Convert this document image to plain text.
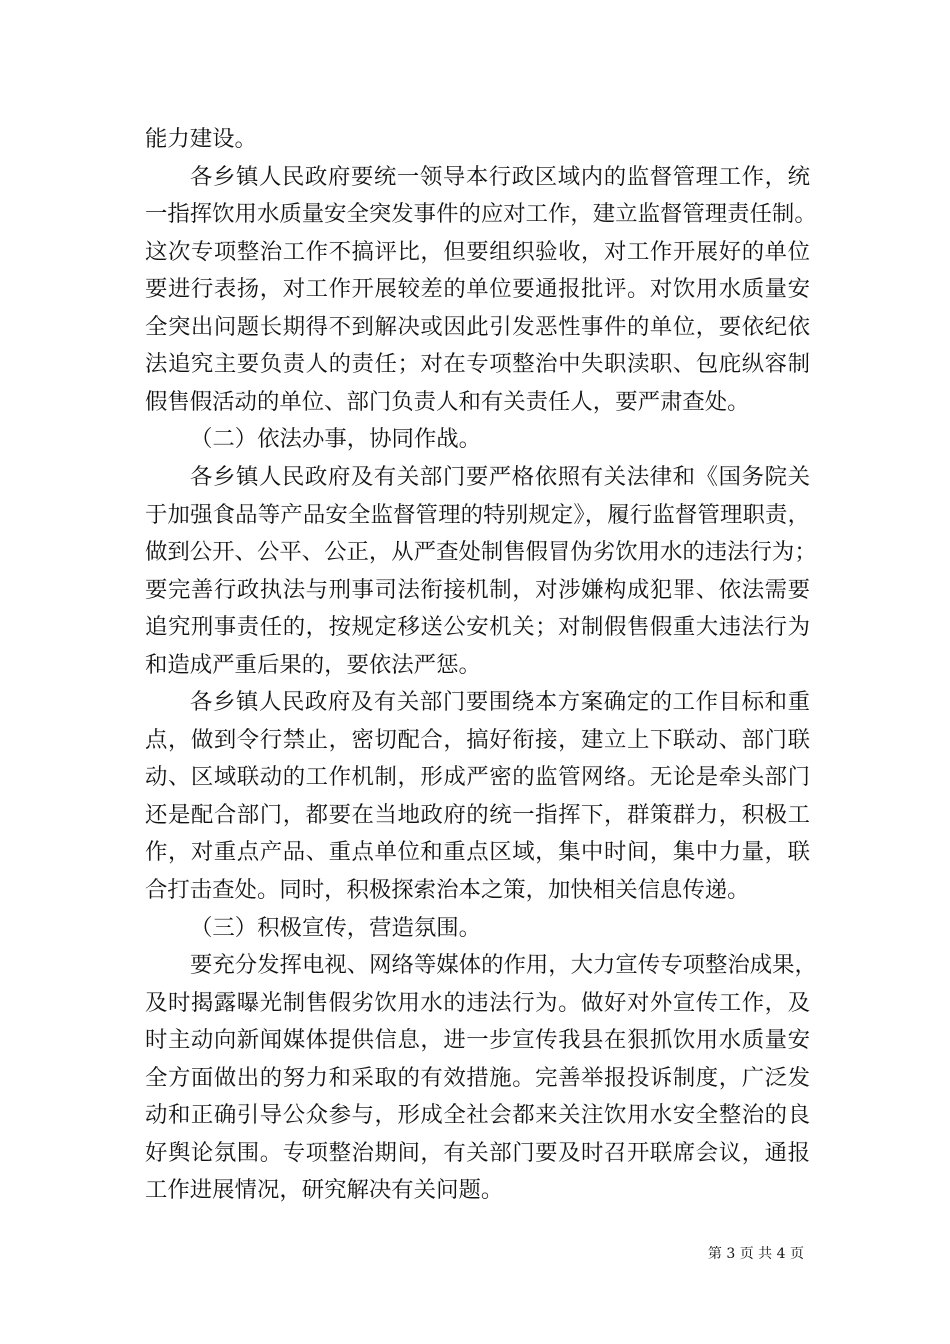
能力建设。
各乡镇人民政府要统一领导本行政区域内的监督管理工作，统
一指挥饮用水质量安全突发事件的应对工作，建立监督管理责任制。
这次专项整治工作不搞评比，但要组织验收，对工作开展好的单位
要进行表扬，对工作开展较差的单位要通报批评。对饮用水质量安
全突出问题长期得不到解决或因此引发恶性事件的单位，要依纪依
法追究主要负责人的责任；对在专项整治中失职渎职、包庇纵容制
假售假活动的单位、部门负责人和有关责任人，要严肃查处。
（二）依法办事，协同作战。
各乡镇人民政府及有关部门要严格依照有关法律和《国务院关
于加强食品等产品安全监督管理的特别规定》，履行监督管理职责，
做到公开、公平、公正，从严查处制售假冒伪劣饮用水的违法行为；
要完善行政执法与刑事司法衔接机制，对涉嫌构成犯罪、依法需要
追究刑事责任的，按规定移送公安机关；对制假售假重大违法行为
和造成严重后果的，要依法严惩。
各乡镇人民政府及有关部门要围绕本方案确定的工作目标和重
点，做到令行禁止，密切配合，搞好衔接，建立上下联动、部门联
动、区域联动的工作机制，形成严密的监管网络。无论是牵头部门
还是配合部门，都要在当地政府的统一指挥下，群策群力，积极工
作，对重点产品、重点单位和重点区域，集中时间，集中力量，联
合打击查处。同时，积极探索治本之策，加快相关信息传递。
（三）积极宣传，营造氛围。
要充分发挥电视、网络等媒体的作用，大力宣传专项整治成果，
及时揭露曝光制售假劣饮用水的违法行为。做好对外宣传工作，及
时主动向新闻媒体提供信息，进一步宣传我县在狠抓饮用水质量安
全方面做出的努力和采取的有效措施。完善举报投诉制度，广泛发
动和正确引导公众参与，形成全社会都来关注饮用水安全整治的良
好舆论氛围。专项整治期间，有关部门要及时召开联席会议，通报
工作进展情况，研究解决有关问题。
第 3 页 共 4 页
